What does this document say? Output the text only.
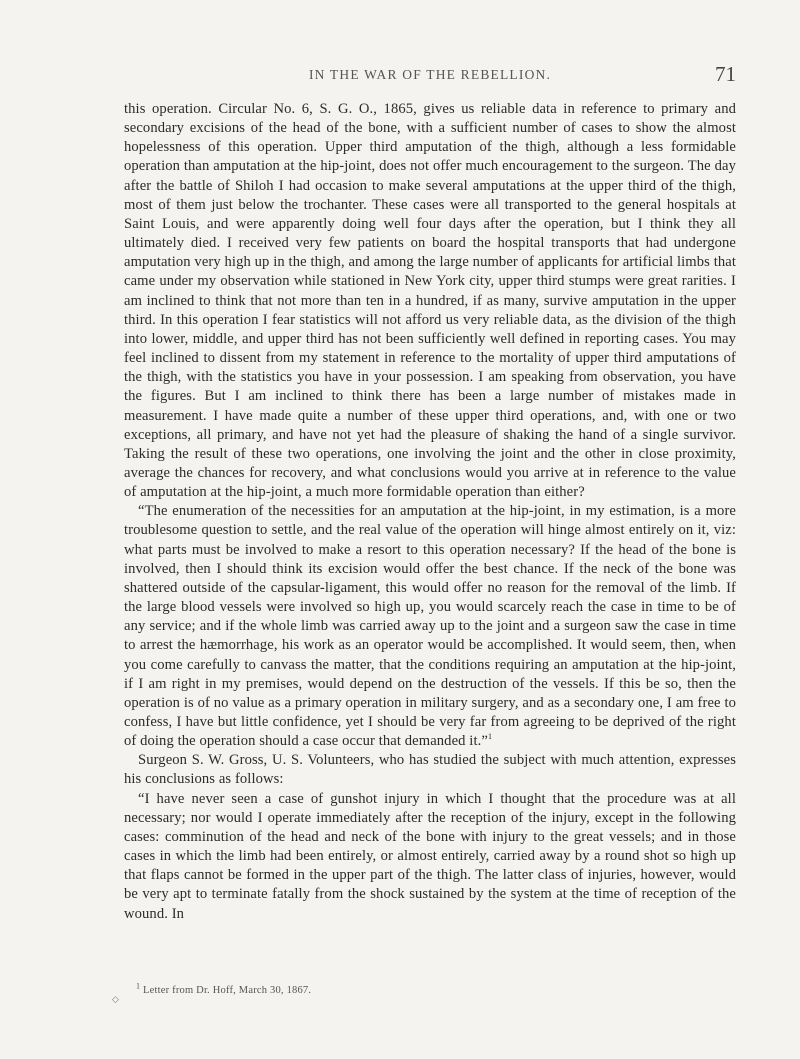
IN THE WAR OF THE REBELLION.	71

this operation. Circular No. 6, S. G. O., 1865, gives us reliable data in reference to primary and secondary excisions of the head of the bone, with a sufficient number of cases to show the almost hopelessness of this operation. Upper third amputation of the thigh, although a less formidable operation than amputation at the hip-joint, does not offer much encouragement to the surgeon. The day after the battle of Shiloh I had occasion to make several amputations at the upper third of the thigh, most of them just below the trochanter. These cases were all transported to the general hospitals at Saint Louis, and were apparently doing well four days after the operation, but I think they all ultimately died. I received very few patients on board the hospital transports that had undergone amputation very high up in the thigh, and among the large number of applicants for artificial limbs that came under my observation while stationed in New York city, upper third stumps were great rarities. I am inclined to think that not more than ten in a hundred, if as many, survive amputation in the upper third. In this operation I fear statistics will not afford us very reliable data, as the division of the thigh into lower, middle, and upper third has not been sufficiently well defined in reporting cases. You may feel inclined to dissent from my statement in reference to the mortality of upper third amputations of the thigh, with the statistics you have in your possession. I am speaking from observation, you have the figures. But I am inclined to think there has been a large number of mistakes made in measurement. I have made quite a number of these upper third operations, and, with one or two exceptions, all primary, and have not yet had the pleasure of shaking the hand of a single survivor. Taking the result of these two operations, one involving the joint and the other in close proximity, average the chances for recovery, and what conclusions would you arrive at in reference to the value of amputation at the hip-joint, a much more formidable operation than either?

“The enumeration of the necessities for an amputation at the hip-joint, in my estimation, is a more troublesome question to settle, and the real value of the operation will hinge almost entirely on it, viz: what parts must be involved to make a resort to this operation necessary? If the head of the bone is involved, then I should think its excision would offer the best chance. If the neck of the bone was shattered outside of the capsular-ligament, this would offer no reason for the removal of the limb. If the large blood vessels were involved so high up, you would scarcely reach the case in time to be of any service; and if the whole limb was carried away up to the joint and a surgeon saw the case in time to arrest the hæmorrhage, his work as an operator would be accomplished. It would seem, then, when you come carefully to canvass the matter, that the conditions requiring an amputation at the hip-joint, if I am right in my premises, would depend on the destruction of the vessels. If this be so, then the operation is of no value as a primary operation in military surgery, and as a secondary one, I am free to confess, I have but little confidence, yet I should be very far from agreeing to be deprived of the right of doing the operation should a case occur that demanded it.”$^1$

Surgeon S. W. Gross, U. S. Volunteers, who has studied the subject with much attention, expresses his conclusions as follows:

“I have never seen a case of gunshot injury in which I thought that the procedure was at all necessary; nor would I operate immediately after the reception of the injury, except in the following cases: comminution of the head and neck of the bone with injury to the great vessels; and in those cases in which the limb had been entirely, or almost entirely, carried away by a round shot so high up that flaps cannot be formed in the upper part of the thigh. The latter class of injuries, however, would be very apt to terminate fatally from the shock sustained by the system at the time of reception of the wound. In

$^1$ Letter from Dr. Hoff, March 30, 1867.
◇
